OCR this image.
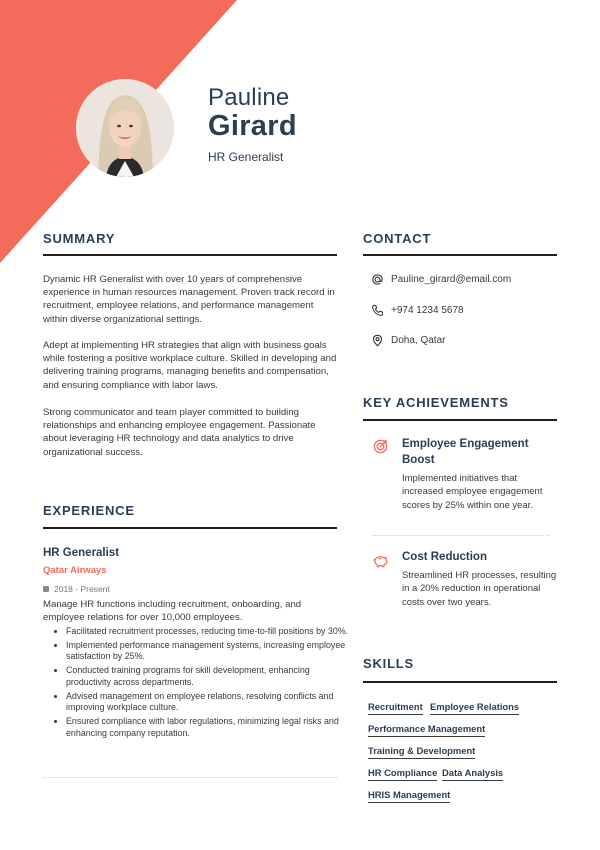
Pauline
Girard
HR Generalist
SUMMARY
Dynamic HR Generalist with over 10 years of comprehensive experience in human resources management. Proven track record in recruitment, employee relations, and performance management within diverse organizational settings.
Adept at implementing HR strategies that align with business goals while fostering a positive workplace culture. Skilled in developing and delivering training programs, managing benefits and compensation, and ensuring compliance with labor laws.
Strong communicator and team player committed to building relationships and enhancing employee engagement. Passionate about leveraging HR technology and data analytics to drive organizational success.
EXPERIENCE
HR Generalist
Qatar Airways
2018 - Present
Manage HR functions including recruitment, onboarding, and employee relations for over 10,000 employees.
• Facilitated recruitment processes, reducing time-to-fill positions by 30%.
• Implemented performance management systems, increasing employee satisfaction by 25%.
• Conducted training programs for skill development, enhancing productivity across departments.
• Advised management on employee relations, resolving conflicts and improving workplace culture.
• Ensured compliance with labor regulations, minimizing legal risks and enhancing company reputation.
CONTACT
Pauline_girard@email.com
+974 1234 5678
Doha, Qatar
KEY ACHIEVEMENTS
Employee Engagement Boost
Implemented initiatives that increased employee engagement scores by 25% within one year.
Cost Reduction
Streamlined HR processes, resulting in a 20% reduction in operational costs over two years.
SKILLS
Recruitment Employee Relations
Performance Management
Training & Development
HR Compliance Data Analysis
HRIS Management
